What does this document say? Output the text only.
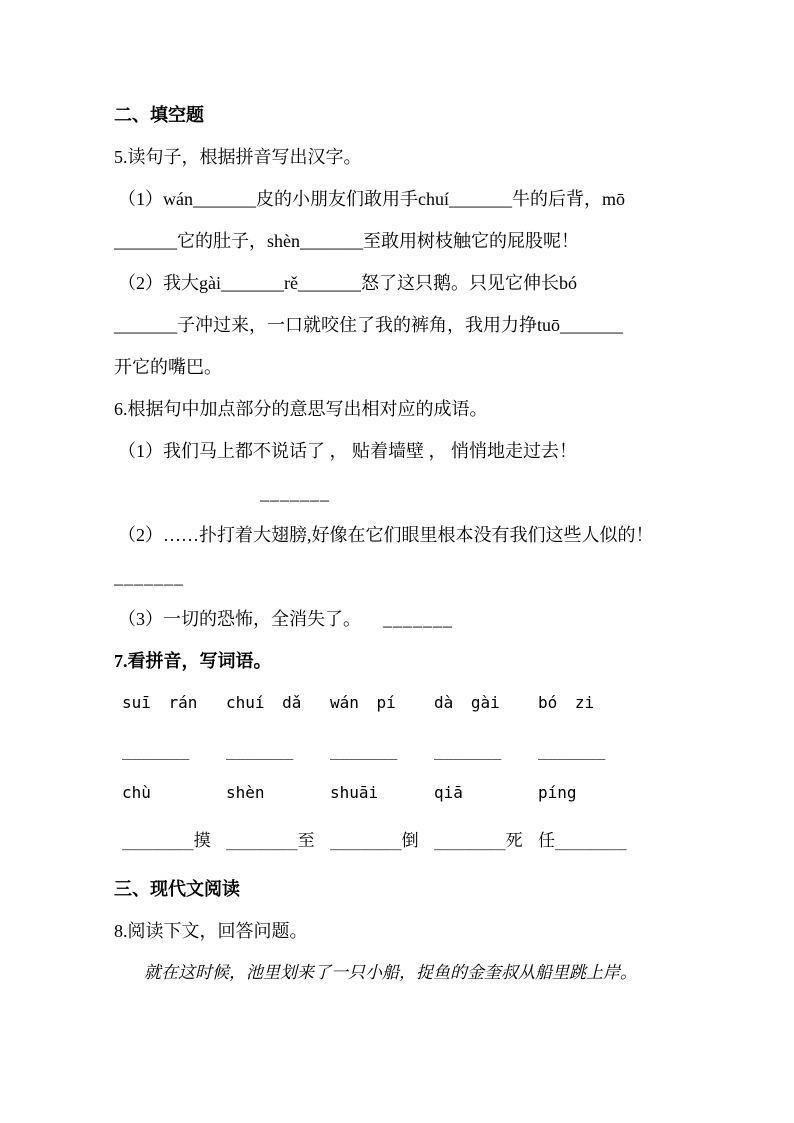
二、填空题
5.读句子，根据拼音写出汉字。
（1）wán_______皮的小朋友们敢用手chuí_______牛的后背，mō
_______它的肚子，shèn_______至敢用树枝触它的屁股呢！
（2）我大gài_______rě_______怒了这只鹅。只见它伸长bó
_______子冲过来，一口就咬住了我的裤角，我用力挣tuō_______
开它的嘴巴。
6.根据句中加点部分的意思写出相对应的成语。
（1）我们马上都不说话了 ， 贴着墙壁 ， 悄悄地走过去！
_______
（2）……扑打着大翅膀,好像在它们眼里根本没有我们这些人似的！
_______
（3）一切的恐怖，全消失了。 _______
7.看拼音，写词语。
suī rán	chuí dǎ	wán pí	dà gài	bó zi
_______	_______	_______	_______	_______
chù	shèn	shuāi	qiā	píng
_______摸 _______至 _______倒 _______死 任_______
三、现代文阅读
8.阅读下文，回答问题。
就在这时候，池里划来了一只小船，捉鱼的金奎叔从船里跳上岸。
